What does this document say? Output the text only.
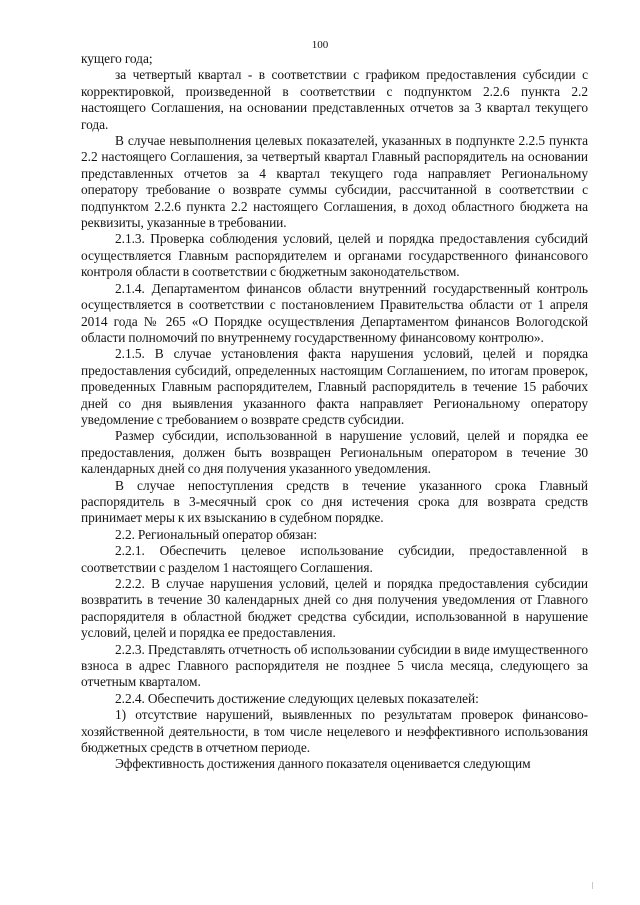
100

кущего года;

за четвертый квартал - в соответствии с графиком предоставления субсидии с корректировкой, произведенной в соответствии с подпунктом 2.2.6 пункта 2.2 настоящего Соглашения, на основании представленных отчетов за 3 квартал текущего года.

В случае невыполнения целевых показателей, указанных в подпункте 2.2.5 пункта 2.2 настоящего Соглашения, за четвертый квартал Главный распорядитель на основании представленных отчетов за 4 квартал текущего года направляет Региональному оператору требование о возврате суммы субсидии, рассчитанной в соответствии с подпунктом 2.2.6 пункта 2.2 настоящего Соглашения, в доход областного бюджета на реквизиты, указанные в требовании.

2.1.3. Проверка соблюдения условий, целей и порядка предоставления субсидий осуществляется Главным распорядителем и органами государственного финансового контроля области в соответствии с бюджетным законодательством.

2.1.4. Департаментом финансов области внутренний государственный контроль осуществляется в соответствии с постановлением Правительства области от 1 апреля 2014 года № 265 «О Порядке осуществления Департаментом финансов Вологодской области полномочий по внутреннему государственному финансовому контролю».

2.1.5. В случае установления факта нарушения условий, целей и порядка предоставления субсидий, определенных настоящим Соглашением, по итогам проверок, проведенных Главным распорядителем, Главный распорядитель в течение 15 рабочих дней со дня выявления указанного факта направляет Региональному оператору уведомление с требованием о возврате средств субсидии.

Размер субсидии, использованной в нарушение условий, целей и порядка ее предоставления, должен быть возвращен Региональным оператором в течение 30 календарных дней со дня получения указанного уведомления.

В случае непоступления средств в течение указанного срока Главный распорядитель в 3-месячный срок со дня истечения срока для возврата средств принимает меры к их взысканию в судебном порядке.

2.2. Региональный оператор обязан:

2.2.1. Обеспечить целевое использование субсидии, предоставленной в соответствии с разделом 1 настоящего Соглашения.

2.2.2. В случае нарушения условий, целей и порядка предоставления субсидии возвратить в течение 30 календарных дней со дня получения уведомления от Главного распорядителя в областной бюджет средства субсидии, использованной в нарушение условий, целей и порядка ее предоставления.

2.2.3. Представлять отчетность об использовании субсидии в виде имущественного взноса в адрес Главного распорядителя не позднее 5 числа месяца, следующего за отчетным кварталом.

2.2.4. Обеспечить достижение следующих целевых показателей:

1) отсутствие нарушений, выявленных по результатам проверок финансово-хозяйственной деятельности, в том числе нецелевого и неэффективного использования бюджетных средств в отчетном периоде.

Эффективность достижения данного показателя оценивается следующим
